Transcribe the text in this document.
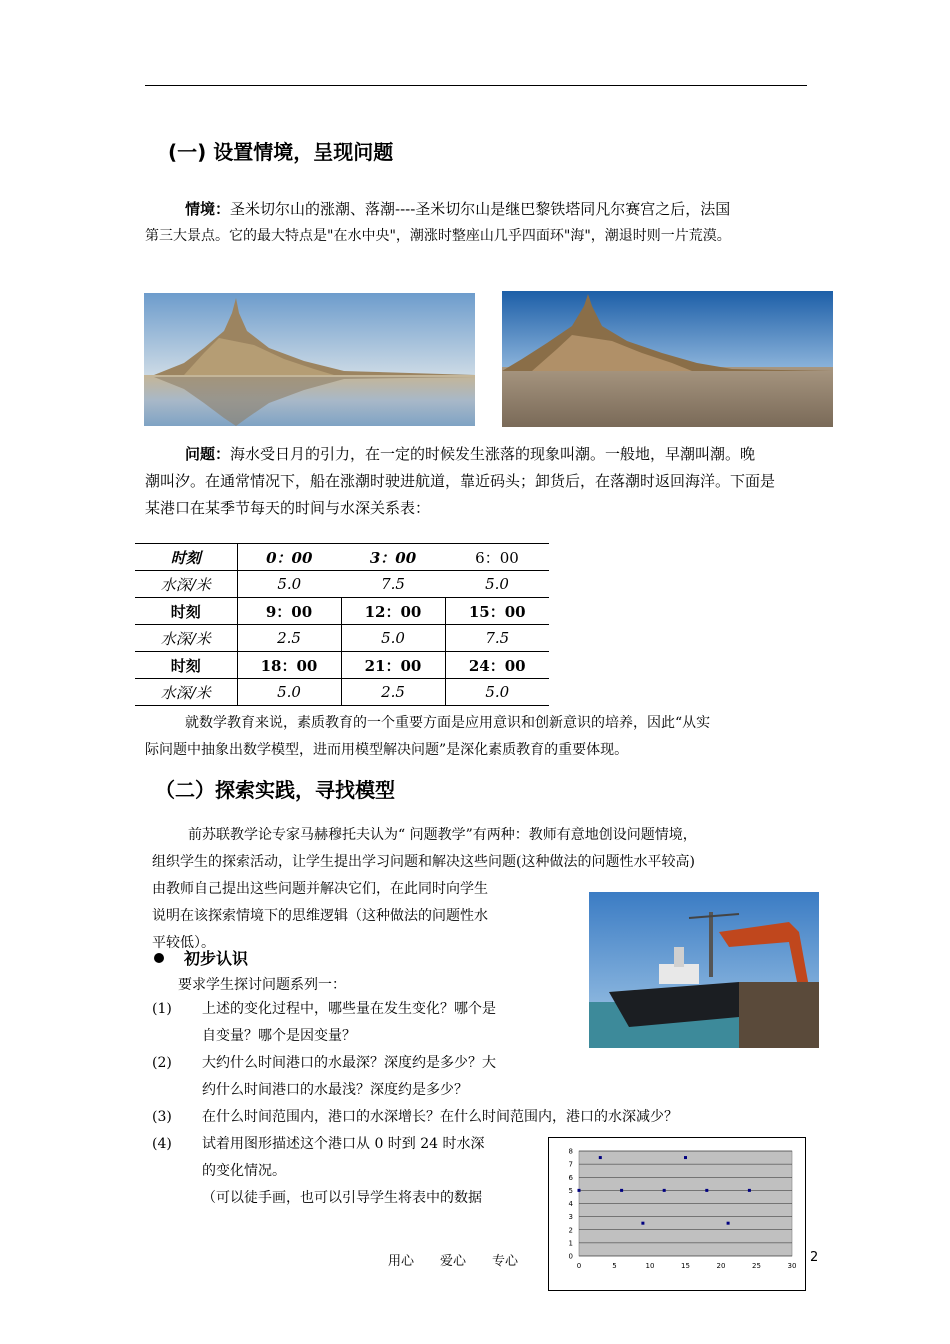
(一) 设置情境，呈现问题
情境：圣米切尔山的涨潮、落潮----圣米切尔山是继巴黎铁塔同凡尔赛宫之后，法国
第三大景点。它的最大特点是"在水中央"，潮涨时整座山几乎四面环"海"，潮退时则一片荒漠。
问题：海水受日月的引力，在一定的时候发生涨落的现象叫潮。一般地，早潮叫潮。晚
潮叫汐。在通常情况下，船在涨潮时驶进航道，靠近码头；卸货后，在落潮时返回海洋。下面是
某港口在某季节每天的时间与水深关系表：
时刻	0：00	3：00	6：00
水深/米	5.0	7.5	5.0
时刻	9：00	12：00	15：00
水深/米	2.5	5.0	7.5
时刻	18：00	21：00	24：00
水深/米	5.0	2.5	5.0
就数学教育来说，素质教育的一个重要方面是应用意识和创新意识的培养，因此“从实
际问题中抽象出数学模型，进而用模型解决问题”是深化素质教育的重要体现。
（二）探索实践，寻找模型
前苏联教学论专家马赫穆托夫认为“ 问题教学”有两种：教师有意地创设问题情境，
组织学生的探索活动，让学生提出学习问题和解决这些问题(这种做法的问题性水平较高)
由教师自己提出这些问题并解决它们，在此同时向学生
说明在该探索情境下的思维逻辑（这种做法的问题性水
平较低）。
初步认识
要求学生探讨问题系列一：
(1) 上述的变化过程中，哪些量在发生变化？哪个是
自变量？哪个是因变量？
(2) 大约什么时间港口的水最深？深度约是多少？大
约什么时间港口的水最浅？深度约是多少？
(3) 在什么时间范围内，港口的水深增长？在什么时间范围内，港口的水深减少？
(4) 试着用图形描述这个港口从 0 时到 24 时水深
的变化情况。
（可以徒手画，也可以引导学生将表中的数据
0
1
2
3
4
5
6
7
8
0	5	10	15	20	25	30
用心　　爱心　　专心	2
